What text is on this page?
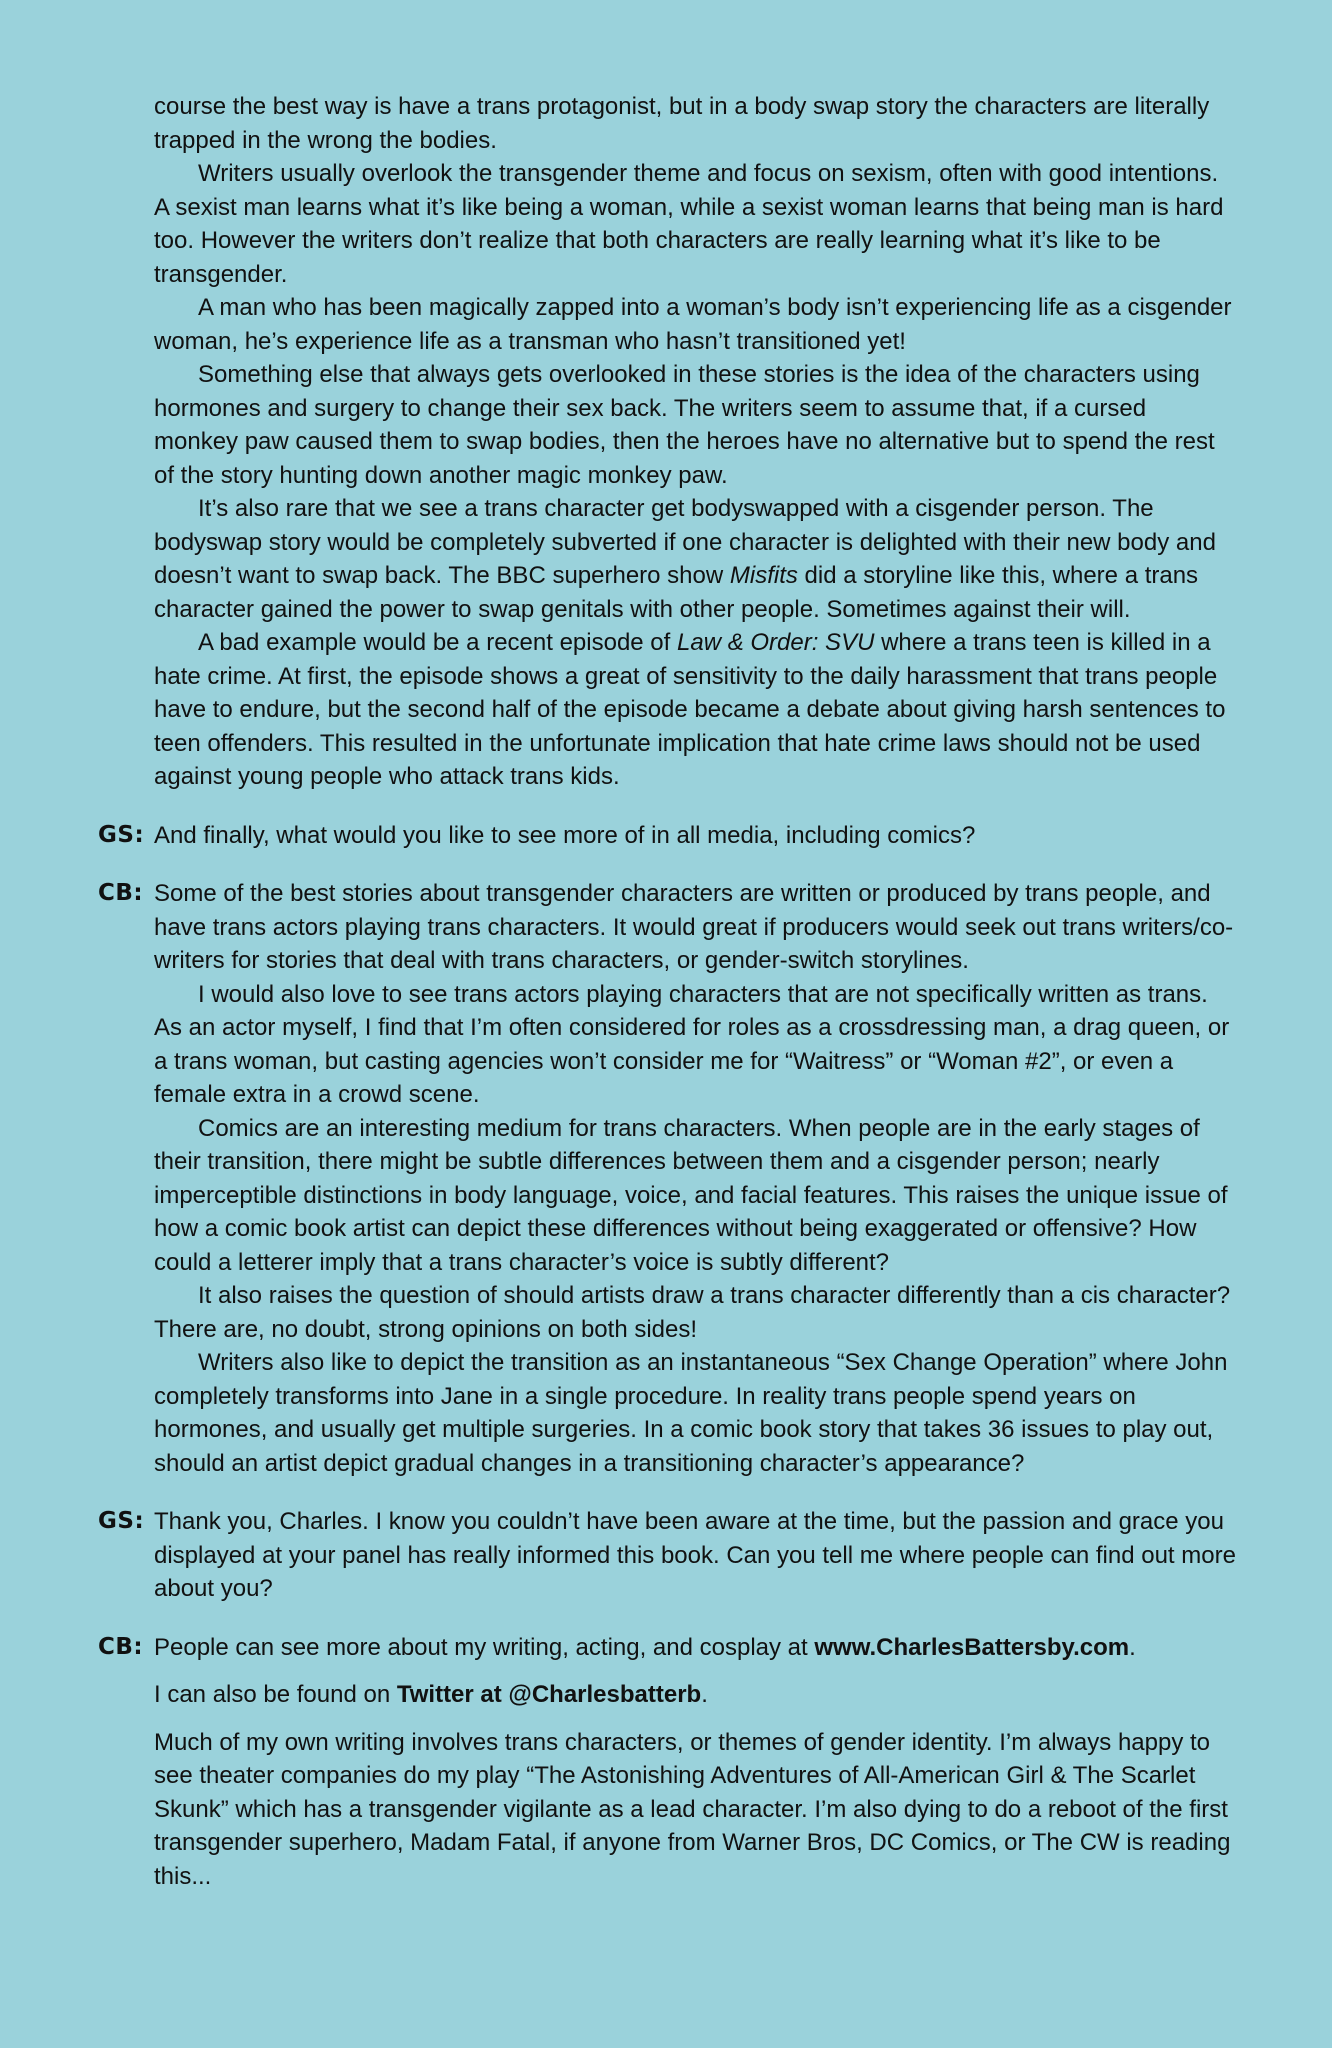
course the best way is have a trans protagonist, but in a body swap story the characters are literally trapped in the wrong the bodies.

Writers usually overlook the transgender theme and focus on sexism, often with good intentions. A sexist man learns what it’s like being a woman, while a sexist woman learns that being man is hard too. However the writers don’t realize that both characters are really learning what it’s like to be transgender.

A man who has been magically zapped into a woman’s body isn’t experiencing life as a cisgender woman, he’s experience life as a transman who hasn’t transitioned yet!

Something else that always gets overlooked in these stories is the idea of the characters using hormones and surgery to change their sex back. The writers seem to assume that, if a cursed monkey paw caused them to swap bodies, then the heroes have no alternative but to spend the rest of the story hunting down another magic monkey paw.

It’s also rare that we see a trans character get bodyswapped with a cisgender person. The bodyswap story would be completely subverted if one character is delighted with their new body and doesn’t want to swap back. The BBC superhero show Misfits did a storyline like this, where a trans character gained the power to swap genitals with other people. Sometimes against their will.

A bad example would be a recent episode of Law & Order: SVU where a trans teen is killed in a hate crime. At first, the episode shows a great of sensitivity to the daily harassment that trans people have to endure, but the second half of the episode became a debate about giving harsh sentences to teen offenders. This resulted in the unfortunate implication that hate crime laws should not be used against young people who attack trans kids.

GS: And finally, what would you like to see more of in all media, including comics?

CB: Some of the best stories about transgender characters are written or produced by trans people, and have trans actors playing trans characters. It would great if producers would seek out trans writers/co-writers for stories that deal with trans characters, or gender-switch storylines.

I would also love to see trans actors playing characters that are not specifically written as trans. As an actor myself, I find that I’m often considered for roles as a crossdressing man, a drag queen, or a trans woman, but casting agencies won’t consider me for “Waitress” or “Woman #2”, or even a female extra in a crowd scene.

Comics are an interesting medium for trans characters. When people are in the early stages of their transition, there might be subtle differences between them and a cisgender person; nearly imperceptible distinctions in body language, voice, and facial features. This raises the unique issue of how a comic book artist can depict these differences without being exaggerated or offensive? How could a letterer imply that a trans character’s voice is subtly different?

It also raises the question of should artists draw a trans character differently than a cis character? There are, no doubt, strong opinions on both sides!

Writers also like to depict the transition as an instantaneous “Sex Change Operation” where John completely transforms into Jane in a single procedure. In reality trans people spend years on hormones, and usually get multiple surgeries. In a comic book story that takes 36 issues to play out, should an artist depict gradual changes in a transitioning character’s appearance?

GS: Thank you, Charles. I know you couldn’t have been aware at the time, but the passion and grace you displayed at your panel has really informed this book. Can you tell me where people can find out more about you?

CB: People can see more about my writing, acting, and cosplay at www.CharlesBattersby.com.

I can also be found on Twitter at @Charlesbatterb.

Much of my own writing involves trans characters, or themes of gender identity. I’m always happy to see theater companies do my play “The Astonishing Adventures of All-American Girl & The Scarlet Skunk” which has a transgender vigilante as a lead character. I’m also dying to do a reboot of the first transgender superhero, Madam Fatal, if anyone from Warner Bros, DC Comics, or The CW is reading this...
